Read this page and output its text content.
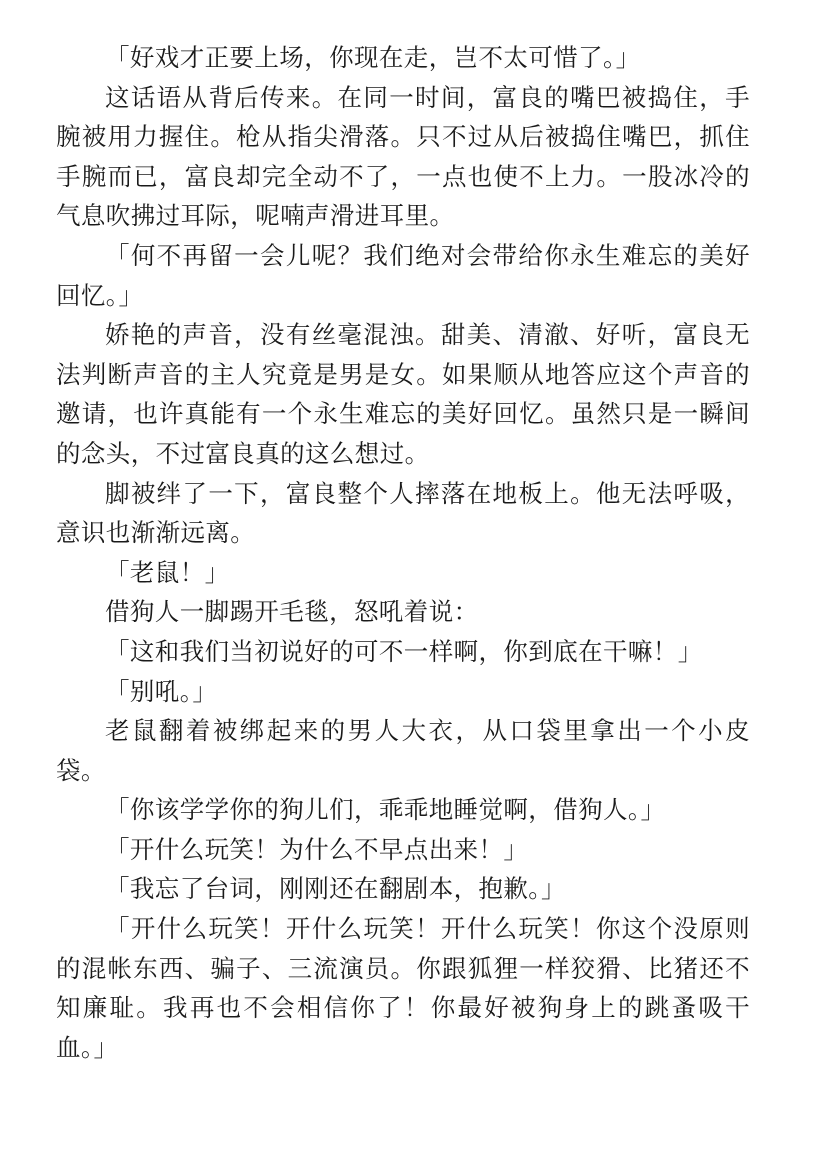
「好戏才正要上场，你现在走，岂不太可惜了。」

这话语从背后传来。在同一时间，富良的嘴巴被捣住，手腕被用力握住。枪从指尖滑落。只不过从后被捣住嘴巴，抓住手腕而已，富良却完全动不了，一点也使不上力。一股冰冷的气息吹拂过耳际，呢喃声滑进耳里。

「何不再留一会儿呢？我们绝对会带给你永生难忘的美好回忆。」

娇艳的声音，没有丝毫混浊。甜美、清澈、好听，富良无法判断声音的主人究竟是男是女。如果顺从地答应这个声音的邀请，也许真能有一个永生难忘的美好回忆。虽然只是一瞬间的念头，不过富良真的这么想过。

脚被绊了一下，富良整个人摔落在地板上。他无法呼吸，意识也渐渐远离。

「老鼠！」

借狗人一脚踢开毛毯，怒吼着说：

「这和我们当初说好的可不一样啊，你到底在干嘛！」

「别吼。」

老鼠翻着被绑起来的男人大衣，从口袋里拿出一个小皮袋。

「你该学学你的狗儿们，乖乖地睡觉啊，借狗人。」

「开什么玩笑！为什么不早点出来！」

「我忘了台词，刚刚还在翻剧本，抱歉。」

「开什么玩笑！开什么玩笑！开什么玩笑！你这个没原则的混帐东西、骗子、三流演员。你跟狐狸一样狡猾、比猪还不知廉耻。我再也不会相信你了！你最好被狗身上的跳蚤吸干血。」
